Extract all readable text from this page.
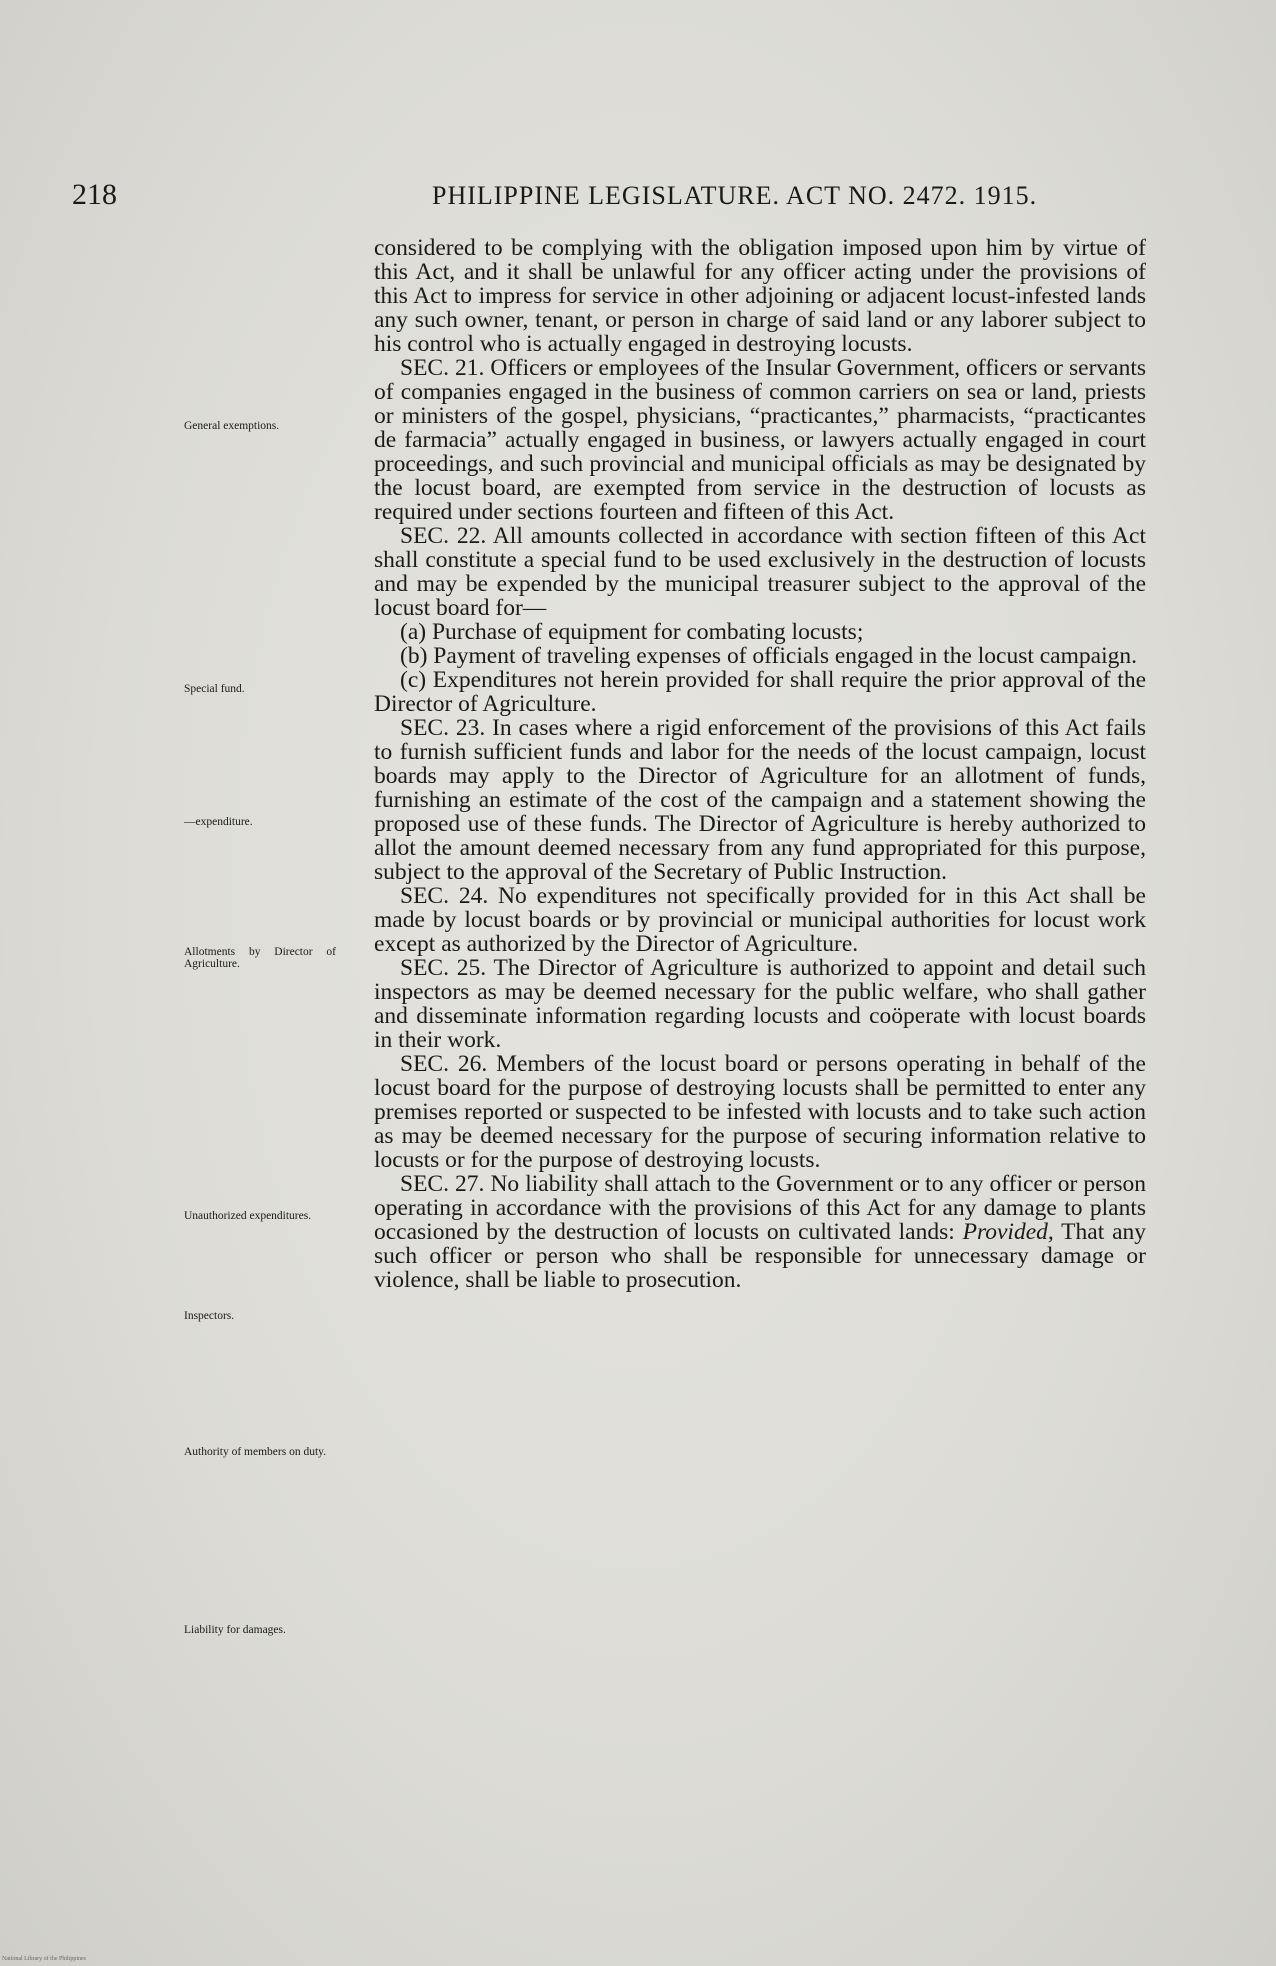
218	PHILIPPINE LEGISLATURE. ACT NO. 2472. 1915.

considered to be complying with the obligation imposed upon him by virtue of this Act, and it shall be unlawful for any officer acting under the provisions of this Act to impress for service in other adjoining or adjacent locust-infested lands any such owner, tenant, or person in charge of said land or any laborer subject to his control who is actually engaged in destroying locusts.

SEC. 21. Officers or employees of the Insular Government, officers or servants of companies engaged in the business of common carriers on sea or land, priests or ministers of the gospel, physicians, “practicantes,” pharmacists, “practicantes de farmacia” actually engaged in business, or lawyers actually engaged in court proceedings, and such provincial and municipal officials as may be designated by the locust board, are exempted from service in the destruction of locusts as required under sections fourteen and fifteen of this Act.

SEC. 22. All amounts collected in accordance with section fifteen of this Act shall constitute a special fund to be used exclusively in the destruction of locusts and may be expended by the municipal treasurer subject to the approval of the locust board for—

(a) Purchase of equipment for combating locusts;

(b) Payment of traveling expenses of officials engaged in the locust campaign.

(c) Expenditures not herein provided for shall require the prior approval of the Director of Agriculture.

SEC. 23. In cases where a rigid enforcement of the provisions of this Act fails to furnish sufficient funds and labor for the needs of the locust campaign, locust boards may apply to the Director of Agriculture for an allotment of funds, furnishing an estimate of the cost of the campaign and a statement showing the proposed use of these funds. The Director of Agriculture is hereby authorized to allot the amount deemed necessary from any fund appropriated for this purpose, subject to the approval of the Secretary of Public Instruction.

SEC. 24. No expenditures not specifically provided for in this Act shall be made by locust boards or by provincial or municipal authorities for locust work except as authorized by the Director of Agriculture.

SEC. 25. The Director of Agriculture is authorized to appoint and detail such inspectors as may be deemed necessary for the public welfare, who shall gather and disseminate information regarding locusts and coöperate with locust boards in their work.

SEC. 26. Members of the locust board or persons operating in behalf of the locust board for the purpose of destroying locusts shall be permitted to enter any premises reported or suspected to be infested with locusts and to take such action as may be deemed necessary for the purpose of securing information relative to locusts or for the purpose of destroying locusts.

SEC. 27. No liability shall attach to the Government or to any officer or person operating in accordance with the provisions of this Act for any damage to plants occasioned by the destruction of locusts on cultivated lands: Provided, That any such officer or person who shall be responsible for unnecessary damage or violence, shall be liable to prosecution.

General exemptions.
Special fund.
—expenditure.
Allotments by Director of Agriculture.
Unauthorized expenditures.
Inspectors.
Authority of members on duty.
Liability for damages.
National Library of the Philippines
